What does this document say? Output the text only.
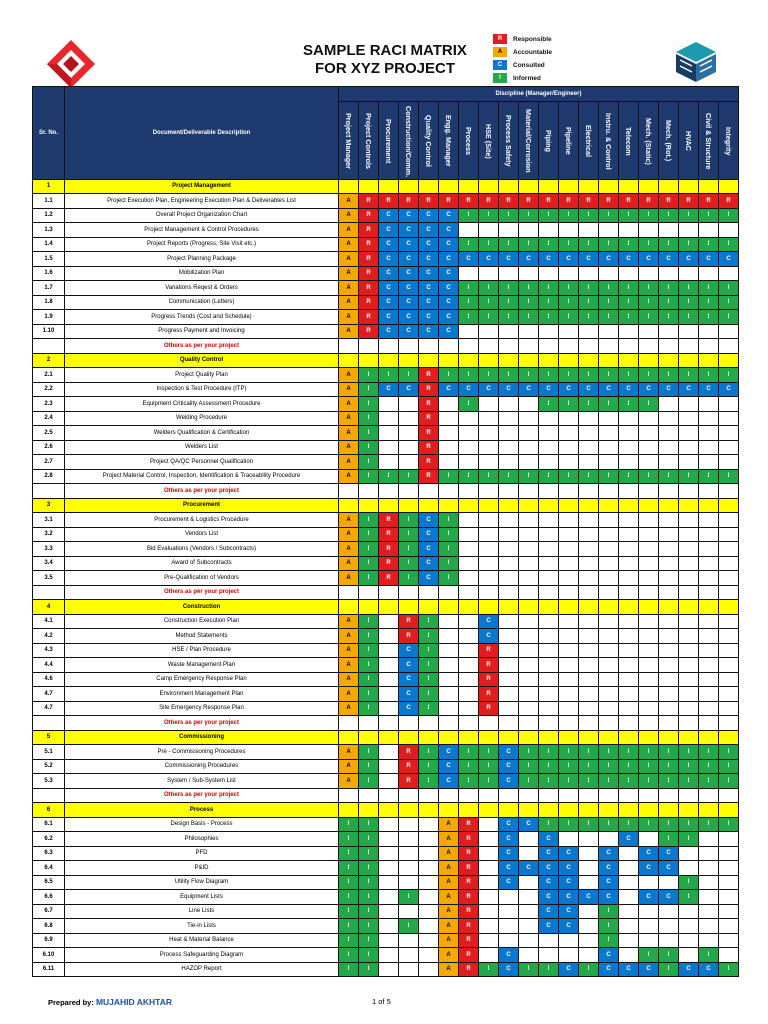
SAMPLE RACI MATRIX
FOR XYZ PROJECT
R	Responsible
A	Accountable
C	Consulted
I	Informed
Sr. No.	Document/Deliverable Description	Discipline (Manager/Engineer)																			
		Project Manager	Project Controls	Procurement	Construction/Comm.	Quality Control	Engg. Manager	Process	HSE (Site)	Process Safety	Material/Corrosion	Piping	Pipeline	Electrical	Instru. & Control	Telecom	Mech. (Static)	Mech. (Rot.)	HVAC	Civil & Structure	Integrity
1	Project Management																				
1.1	Project Execution Plan, Engineering Execution Plan & Deliverables List	A	R	R	R	R	R	R	R	R	R	R	R	R	R	R	R	R	R	R	R
1.2	Overall Project Organization Chart	A	R	C	C	C	C	I	I	I	I	I	I	I	I	I	I	I	I	I	I
1.3	Project Management & Control Procedures	A	R	C	C	C	C														
1.4	Project Reports (Progress, Site Visit etc.)	A	R	C	C	C	C	I	I	I	I	I	I	I	I	I	I	I	I	I	I
1.5	Project Planning Package	A	R	C	C	C	C	C	C	C	C	C	C	C	C	C	C	C	C	C	C
1.6	Mobilization Plan	A	R	C	C	C	C														
1.7	Variations Reqest & Orders	A	R	C	C	C	C	I	I	I	I	I	I	I	I	I	I	I	I	I	I
1.8	Communication (Letters)	A	R	C	C	C	C	I	I	I	I	I	I	I	I	I	I	I	I	I	I
1.9	Progress Trends (Cost and Schedule)	A	R	C	C	C	C	I	I	I	I	I	I	I	I	I	I	I	I	I	I
1.10	Progress Payment and Invoicing	A	R	C	C	C	C														
	Others as per your project																				
2	Quality Control																				
2.1	Project Quality Plan	A	I	I	I	R	I	I	I	I	I	I	I	I	I	I	I	I	I	I	I
2.2	Inspection & Test Procedure (ITP)	A	I	C	C	R	C	C	C	C	C	C	C	C	C	C	C	C	C	C	C
2.3	Equipment Criticality Assessment Procedure	A	I			R		I				I	I	I	I	I	I				
2.4	Welding Procedure	A	I			R															
2.5	Welders Qualification & Certification	A	I			R															
2.6	Welders List	A	I			R															
2.7	Project QA/QC Personnel Qualification	A	I			R															
2.8	Project Material Control, Inspection, Identification & Traceability Procedure	A	I	I	I	R	I	I	I	I	I	I	I	I	I	I	I	I	I	I	I
	Others as per your project																				
3	Procurement																				
3.1	Procurement & Logistics Procedure	A	I	R	I	C	I														
3.2	Vendors List	A	I	R	I	C	I														
3.3	Bid Evaluations (Vendors / Subcontracts)	A	I	R	I	C	I														
3.4	Award of Subcontracts	A	I	R	I	C	I														
3.5	Pre-Qualification of Vendors	A	I	R	I	C	I														
	Others as per your project																				
4	Construction																				
4.1	Construction Execution Plan	A	I		R	I			C												
4.2	Method Statements	A	I		R	I			C												
4.3	HSE / Plan Procedure	A	I		C	I			R												
4.4	Waste Management Plan	A	I		C	I			R												
4.6	Camp Emergency Response Plan	A	I		C	I			R												
4.7	Environment Management Plan	A	I		C	I			R												
4.7	Site Emergency Response Plan	A	I		C	I			R												
	Others as per your project																				
5	Commissioning																				
5.1	Pre - Commissioning Procedures	A	I		R	I	C	I	I	C	I	I	I	I	I	I	I	I	I	I	I
5.2	Commissioning Procedures	A	I		R	I	C	I	I	C	I	I	I	I	I	I	I	I	I	I	I
5.3	System / Sub-System List	A	I		R	I	C	I	I	C	I	I	I	I	I	I	I	I	I	I	I
	Others as per your project																				
6	Process																				
6.1	Design Basis - Process	I	I				A	R		C	C	I	I	I	I	I	I	I	I	I	I
6.2	Philosophies	I	I				A	R		C		C				C		I	I		
6.3	PFD	I	I				A	R		C		C	C		C		C	C			
6.4	P&ID	I	I				A	R		C	C	C	C		C		C	C			
6.5	Utility Flow Diagram	I	I				A	R		C		C	C		C				I		
6.6	Equipment Lists	I	I		I		A	R				C	C	C	C		C	C	I		
6.7	Line Lists	I	I				A	R				C	C		I						
6.8	Tie-in Lists	I	I		I		A	R				C	C		I						
6.9	Heat & Material Balance	I	I				A	R							I						
6.10	Process Safeguarding Diagram	I	I				A	R		C					C		I	I		I	
6.11	HAZOP Report	I	I				A	R	I	C	I	I	C	I	C	C	C	I	C	C	I
Prepared by: MUJAHID AKHTAR	1 of 5
